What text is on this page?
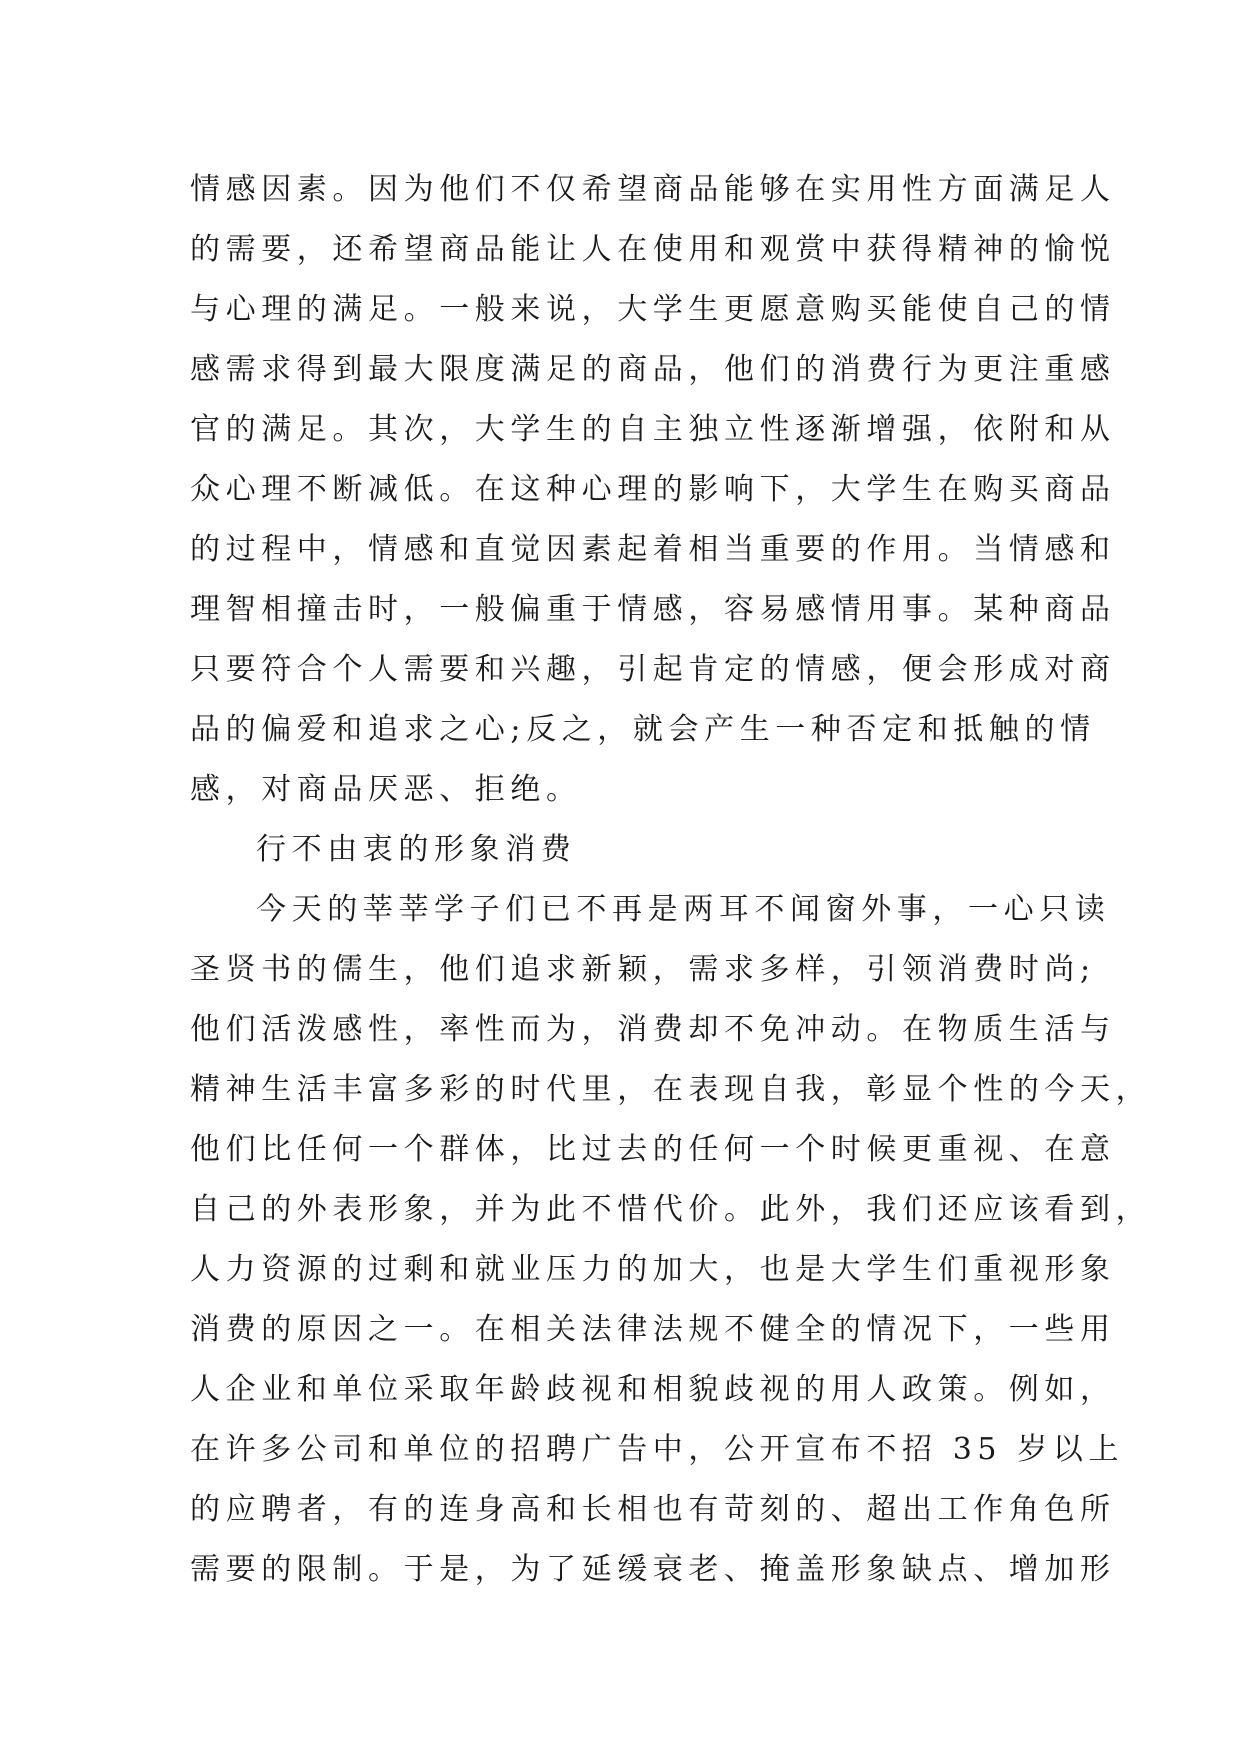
情感因素。因为他们不仅希望商品能够在实用性方面满足人
的需要，还希望商品能让人在使用和观赏中获得精神的愉悦
与心理的满足。一般来说，大学生更愿意购买能使自己的情
感需求得到最大限度满足的商品，他们的消费行为更注重感
官的满足。其次，大学生的自主独立性逐渐增强，依附和从
众心理不断减低。在这种心理的影响下，大学生在购买商品
的过程中，情感和直觉因素起着相当重要的作用。当情感和
理智相撞击时，一般偏重于情感，容易感情用事。某种商品
只要符合个人需要和兴趣，引起肯定的情感，便会形成对商
品的偏爱和追求之心;反之，就会产生一种否定和抵触的情
感，对商品厌恶、拒绝。
行不由衷的形象消费
今天的莘莘学子们已不再是两耳不闻窗外事，一心只读
圣贤书的儒生，他们追求新颖，需求多样，引领消费时尚;
他们活泼感性，率性而为，消费却不免冲动。在物质生活与
精神生活丰富多彩的时代里，在表现自我，彰显个性的今天，
他们比任何一个群体，比过去的任何一个时候更重视、在意
自己的外表形象，并为此不惜代价。此外，我们还应该看到，
人力资源的过剩和就业压力的加大，也是大学生们重视形象
消费的原因之一。在相关法律法规不健全的情况下，一些用
人企业和单位采取年龄歧视和相貌歧视的用人政策。例如，
在许多公司和单位的招聘广告中，公开宣布不招 35 岁以上
的应聘者，有的连身高和长相也有苛刻的、超出工作角色所
需要的限制。于是，为了延缓衰老、掩盖形象缺点、增加形
